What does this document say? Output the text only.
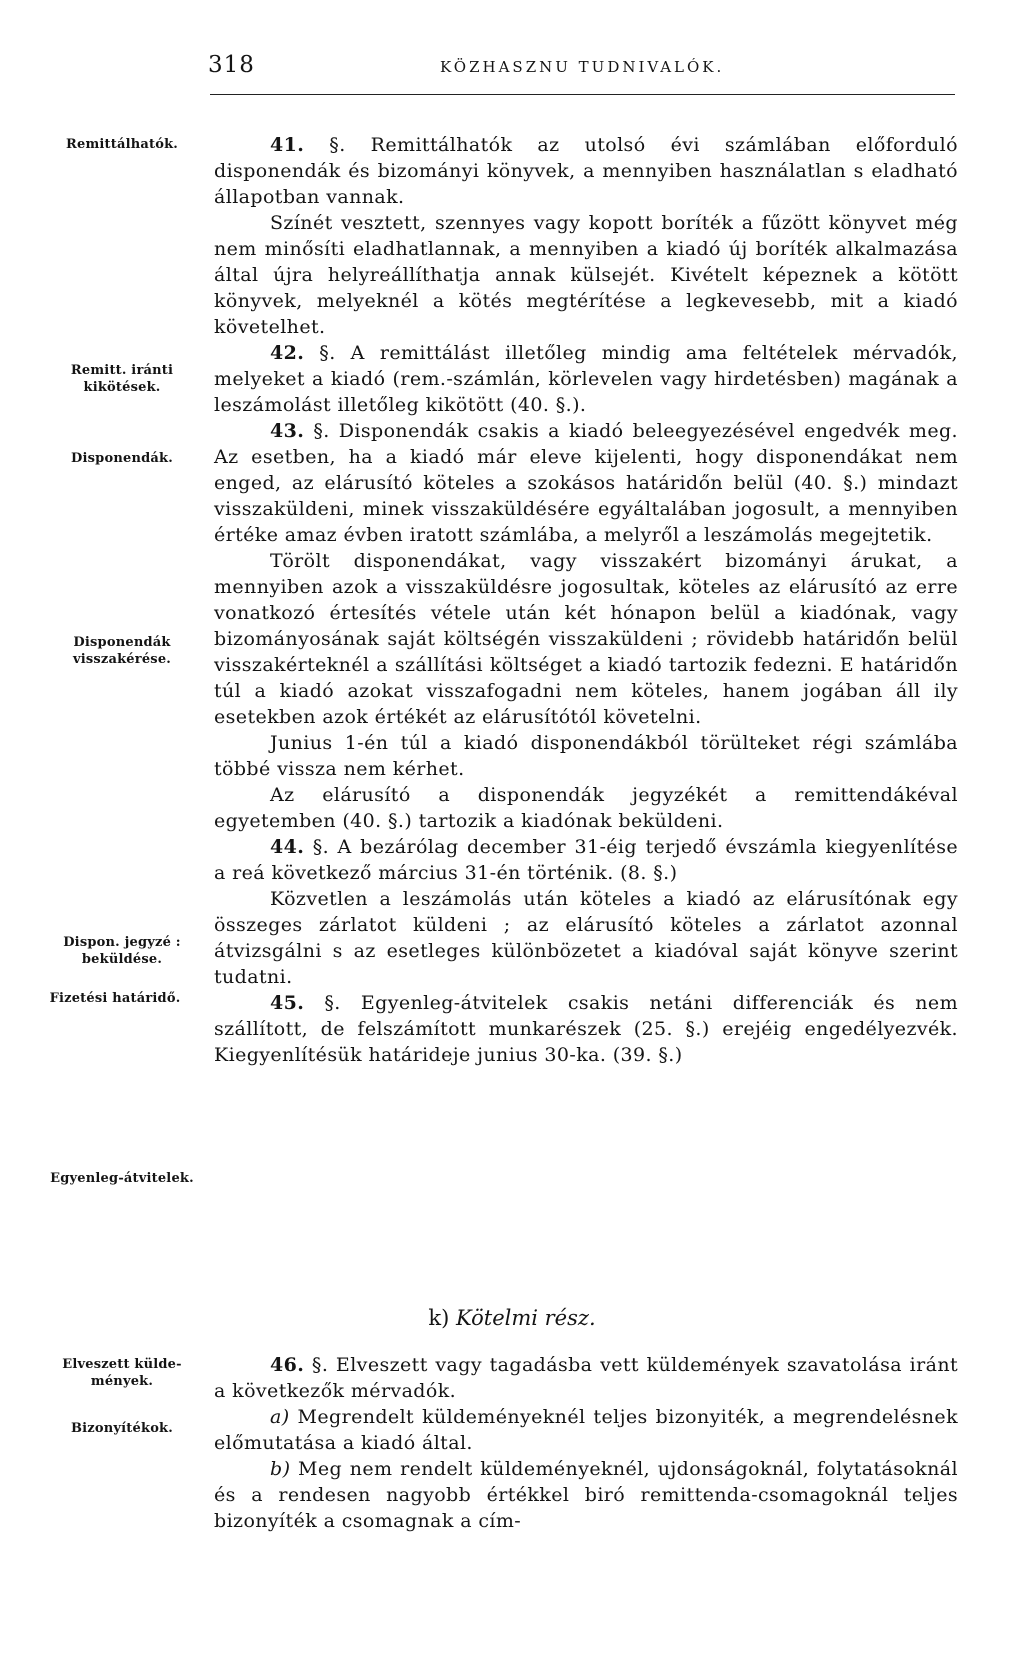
318	KÖZHASZNU TUDNIVALÓK.
Remittálhatók.
Remitt. iránti kikötések.
Disponendák.
Disponendák visszakérése.
Dispon. jegyzé : beküldése.
Fizetési határidő.
Egyenleg-átvitelek.
Elveszett külde-mények.
Bizonyítékok.

41. §. Remittálhatók az utolsó évi számlában előforduló disponendák és bizományi könyvek, a mennyiben használatlan s eladható állapotban vannak.

Színét vesztett, szennyes vagy kopott boríték a fűzött könyvet még nem minősíti eladhatlannak, a mennyiben a kiadó új boríték alkalmazása által újra helyreállíthatja annak külsejét. Kivételt képeznek a kötött könyvek, melyeknél a kötés megtérítése a legkevesebb, mit a kiadó követelhet.

42. §. A remittálást illetőleg mindig ama feltételek mérvadók, melyeket a kiadó (rem.-számlán, körlevelen vagy hirdetésben) magának a leszámolást illetőleg kikötött (40. §.).

43. §. Disponendák csakis a kiadó beleegyezésével engedvék meg. Az esetben, ha a kiadó már eleve kijelenti, hogy disponendákat nem enged, az elárusító köteles a szokásos határidőn belül (40. §.) mindazt visszaküldeni, minek visszaküldésére egyáltalában jogosult, a mennyiben értéke amaz évben iratott számlába, a melyről a leszámolás megejtetik.

Törölt disponendákat, vagy visszakért bizományi árukat, a mennyiben azok a visszaküldésre jogosultak, köteles az elárusító az erre vonatkozó értesítés vétele után két hónapon belül a kiadónak, vagy bizományosának saját költségén visszaküldeni ; rövidebb határidőn belül visszakérteknél a szállítási költséget a kiadó tartozik fedezni. E határidőn túl a kiadó azokat visszafogadni nem köteles, hanem jogában áll ily esetekben azok értékét az elárusítótól követelni.

Junius 1-én túl a kiadó disponendákból törülteket régi számlába többé vissza nem kérhet.

Az elárusító a disponendák jegyzékét a remittendákéval egyetemben (40. §.) tartozik a kiadónak beküldeni.

44. §. A bezárólag december 31-éig terjedő évszámla kiegyenlítése a reá következő március 31-én történik. (8. §.)

Közvetlen a leszámolás után köteles a kiadó az elárusítónak egy összeges zárlatot küldeni ; az elárusító köteles a zárlatot azonnal átvizsgálni s az esetleges különbözetet a kiadóval saját könyve szerint tudatni.

45. §. Egyenleg-átvitelek csakis netáni differenciák és nem szállított, de felszámított munkarészek (25. §.) erejéig engedélyezvék. Kiegyenlítésük határideje junius 30-ka. (39. §.)

k) Kötelmi rész.

46. §. Elveszett vagy tagadásba vett küldemények szavatolása iránt a következők mérvadók.

a) Megrendelt küldeményeknél teljes bizonyiték, a megrendelésnek előmutatása a kiadó által.

b) Meg nem rendelt küldeményeknél, ujdonságoknál, folytatásoknál és a rendesen nagyobb értékkel biró remittenda-csomagoknál teljes bizonyíték a csomagnak a cím-
